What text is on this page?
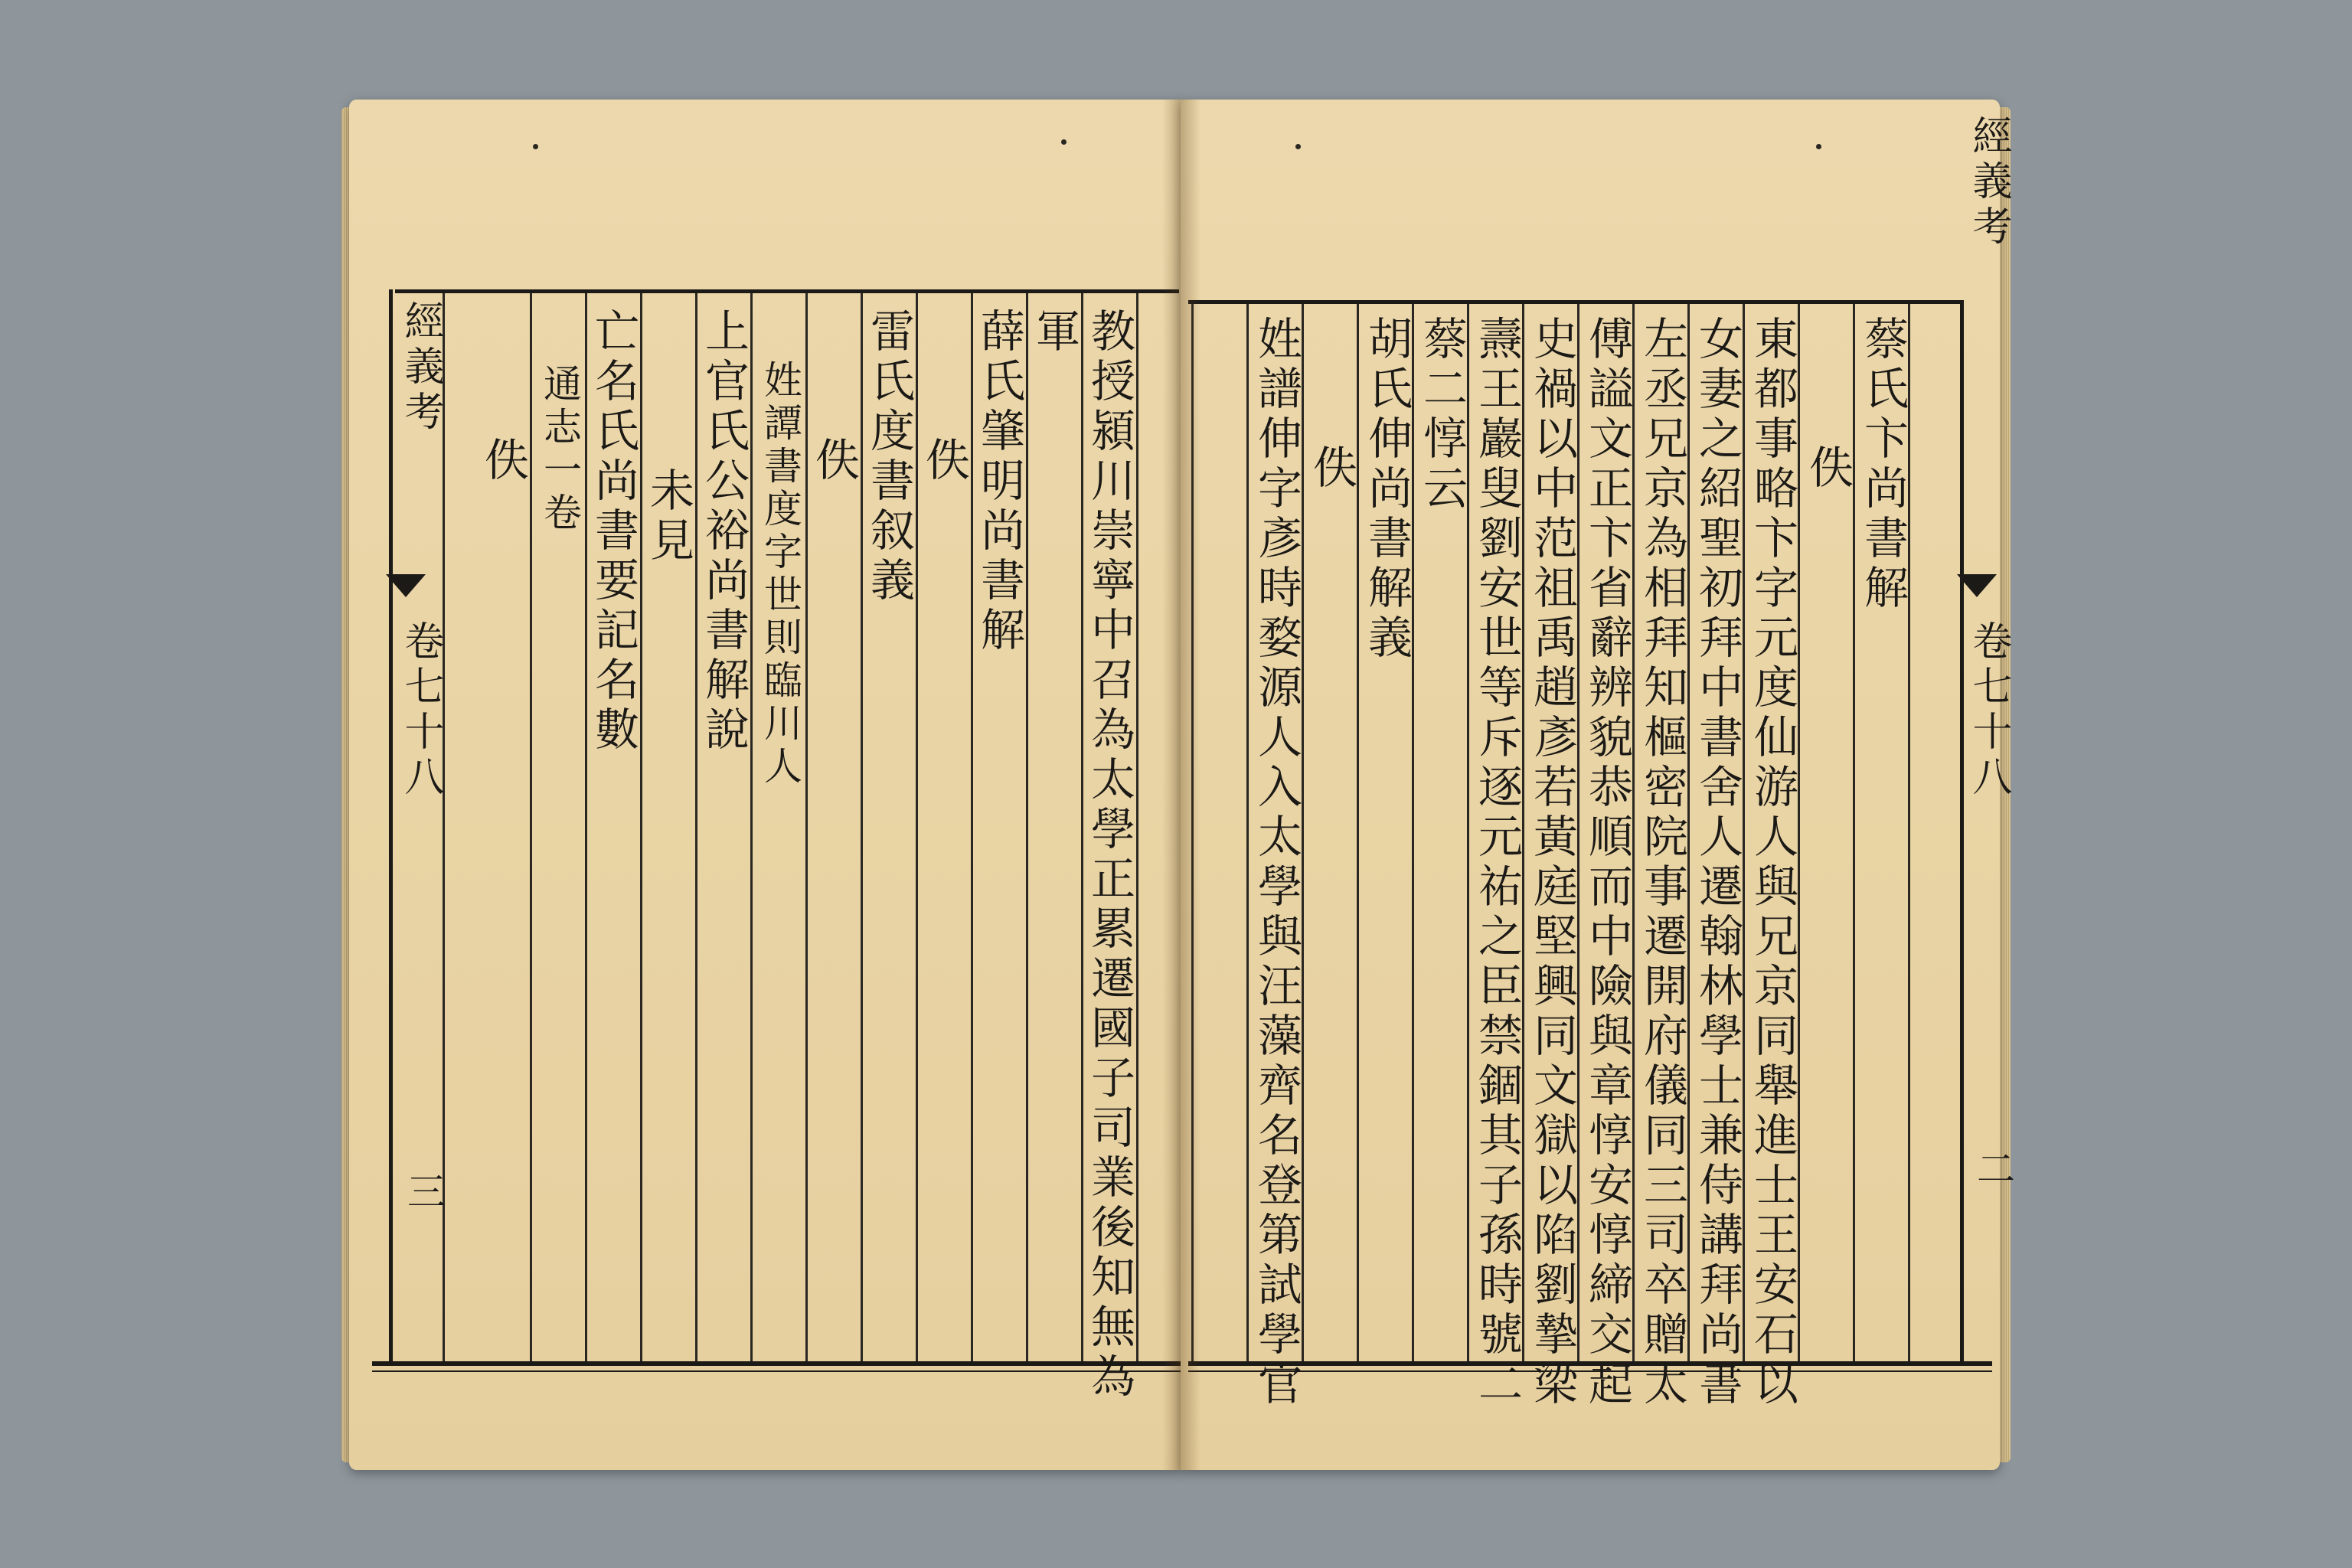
教授潁川崇寧中召為太學正累遷國子司業後知無為
軍
薛氏肇明尚書解
佚
雷氏度書叙義
佚
姓譚書度字世則臨川人
上官氏公裕尚書解說
未見
亡名氏尚書要記名數
通志一卷
佚
經義考
卷七十八
三
蔡氏卞尚書解
佚
東都事略卞字元度仙游人與兄京同舉進士王安石以
女妻之紹聖初拜中書舍人遷翰林學士兼侍講拜尚書
左丞兄京為相拜知樞密院事遷開府儀同三司卒贈太
傅謚文正卞省辭辨貌恭順而中險與章惇安惇締交起
史禍以中范祖禹趙彥若黃庭堅興同文獄以陷劉摯梁
燾王巖叟劉安世等斥逐元祐之臣禁錮其子孫時號二
蔡二惇云
胡氏伸尚書解義
佚
姓譜伸字彥時婺源人入太學與汪藻齊名登第試學官
經義考
卷七十八
二
